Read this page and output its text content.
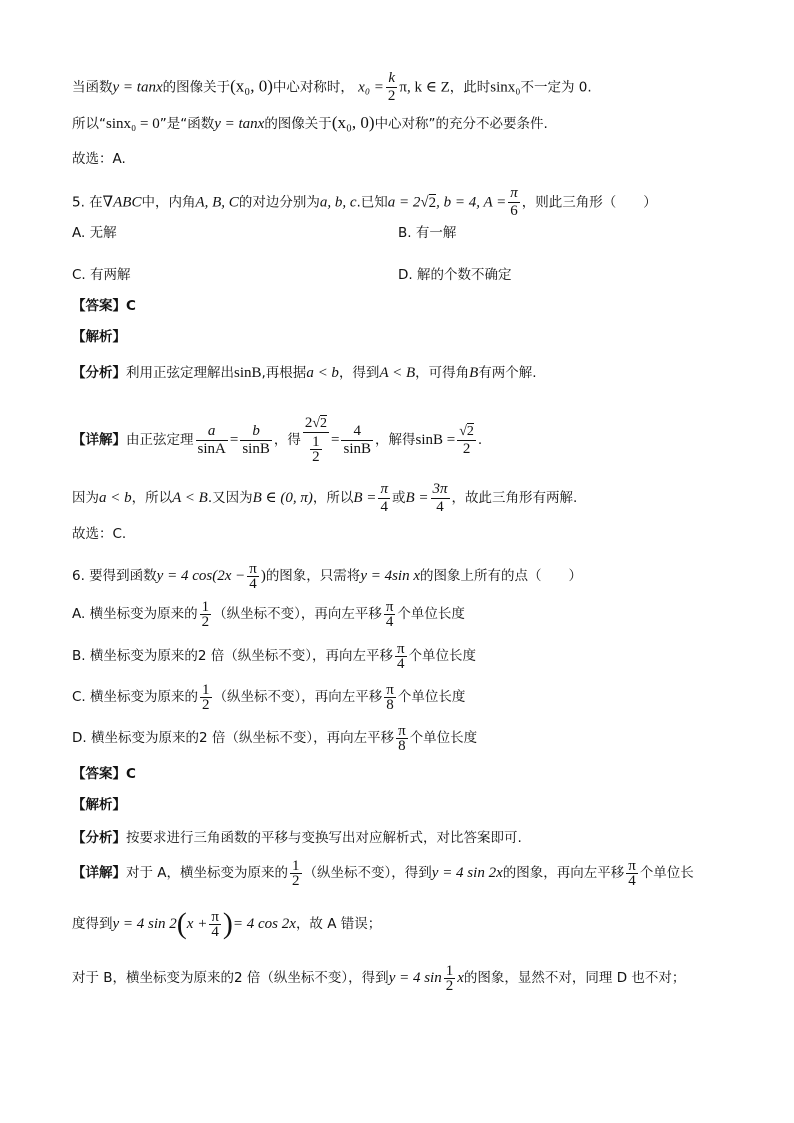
当函数y = tanx的图像关于(x₀, 0)中心对称时， $x_0 = \frac{k}{2} \pi$, k ∈ Z，此时sinx₀不一定为 0.
所以“sinx₀ = 0”是“函数y = tanx的图像关于(x₀, 0)中心对称”的充分不必要条件.
故选：A.
5. 在∇ABC中，内角A, B, C的对边分别为a, b, c.已知a = 2√2, b = 4, $A = \frac{\pi}{6}$ ，则此三角形（　　）
A. 无解	B. 有一解
C. 有两解	D. 解的个数不确定
【答案】C
【解析】
【分析】利用正弦定理解出sinB,再根据a < b，得到A < B，可得角B有两个解.
【详解】由正弦定理 $\frac{a}{\sin A} = \frac{b}{\sin B}$ ，得 $\frac{2√2}{\frac{1}{2}} = \frac{4}{\sin B}$ ，解得$\sin B = \frac{√2}{2}$ .
因为a < b，所以A < B.又因为B ∈ (0, π)，所以$B = \frac{\pi}{4}$ 或$B = \frac{3\pi}{4}$ ，故此三角形有两解.
故选：C.
6. 要得到函数y = 4 $\cos(2x - \frac{\pi}{4}$ )的图象，只需将y = 4sin x的图象上所有的点（　　）
A. 横坐标变为原来的 $\frac{1}{2}$ （纵坐标不变），再向左平移 $\frac{\pi}{4}$ 个单位长度
B. 横坐标变为原来的2 倍（纵坐标不变），再向左平移 $\frac{\pi}{4}$ 个单位长度
C. 横坐标变为原来的 $\frac{1}{2}$ （纵坐标不变），再向左平移 $\frac{\pi}{8}$ 个单位长度
D. 横坐标变为原来的2 倍（纵坐标不变），再向左平移 $\frac{\pi}{8}$ 个单位长度
【答案】C
【解析】
【分析】按要求进行三角函数的平移与变换写出对应解析式，对比答案即可.
【详解】对于 A，横坐标变为原来的 $\frac{1}{2}$ （纵坐标不变），得到y = 4 sin 2x的图象，再向左平移 $\frac{\pi}{4}$ 个单位长
度得到y = 4 $\sin 2(x + \frac{\pi}{4}$ )= 4 cos 2x，故 A 错误；
对于 B，横坐标变为原来的2 倍（纵坐标不变），得到y = 4 $\sin \frac{1}{2}$ x的图象，显然不对，同理 D 也不对；
